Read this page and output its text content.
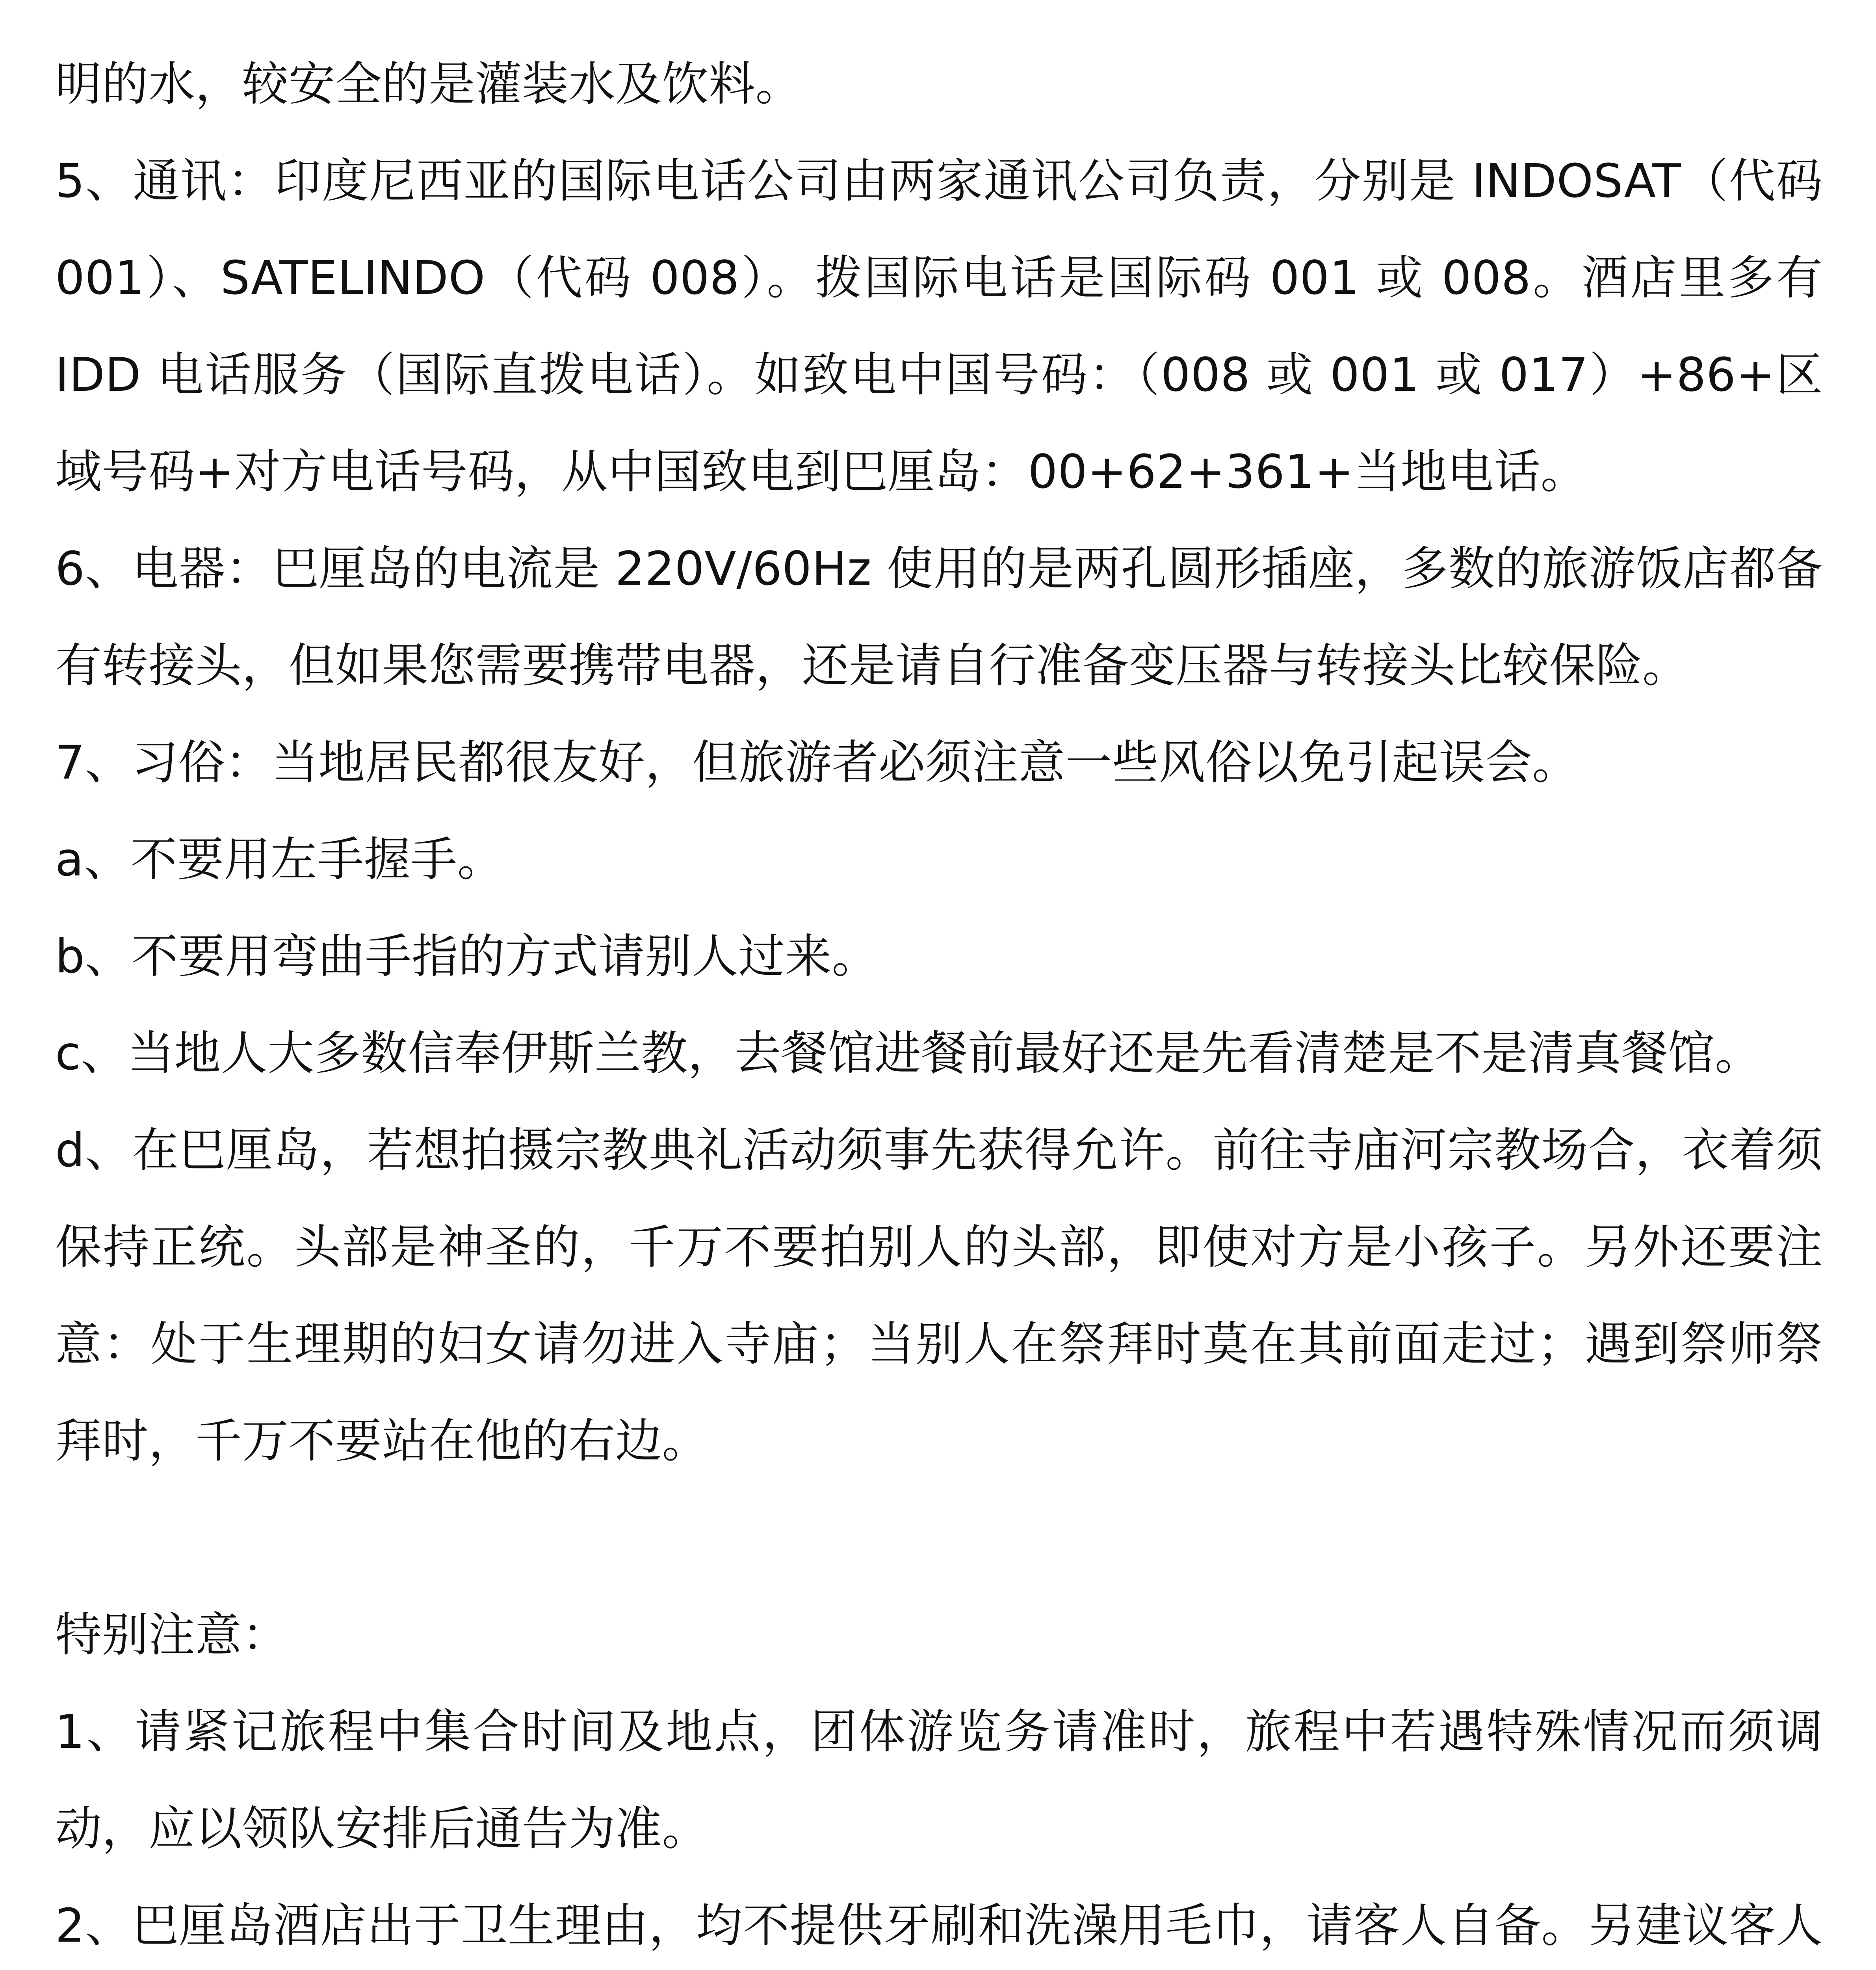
明的水，较安全的是灌装水及饮料。

5、通讯：印度尼西亚的国际电话公司由两家通讯公司负责，分别是 INDOSAT（代码 001）、SATELINDO（代码 008）。拨国际电话是国际码 001 或 008。酒店里多有 IDD 电话服务（国际直拨电话）。如致电中国号码：（008 或 001 或 017）+86+区域号码+对方电话号码，从中国致电到巴厘岛：00+62+361+当地电话。

6、电器：巴厘岛的电流是 220V/60Hz 使用的是两孔圆形插座，多数的旅游饭店都备有转接头，但如果您需要携带电器，还是请自行准备变压器与转接头比较保险。

7、习俗：当地居民都很友好，但旅游者必须注意一些风俗以免引起误会。

a、不要用左手握手。

b、不要用弯曲手指的方式请别人过来。

c、当地人大多数信奉伊斯兰教，去餐馆进餐前最好还是先看清楚是不是清真餐馆。

d、在巴厘岛，若想拍摄宗教典礼活动须事先获得允许。前往寺庙河宗教场合，衣着须保持正统。头部是神圣的，千万不要拍别人的头部，即使对方是小孩子。另外还要注意：处于生理期的妇女请勿进入寺庙；当别人在祭拜时莫在其前面走过；遇到祭师祭拜时，千万不要站在他的右边。

特别注意：

1、请紧记旅程中集合时间及地点，团体游览务请准时，旅程中若遇特殊情况而须调动，应以领队安排后通告为准。

2、巴厘岛酒店出于卫生理由，均不提供牙刷和洗澡用毛巾，请客人自备。另建议客人
